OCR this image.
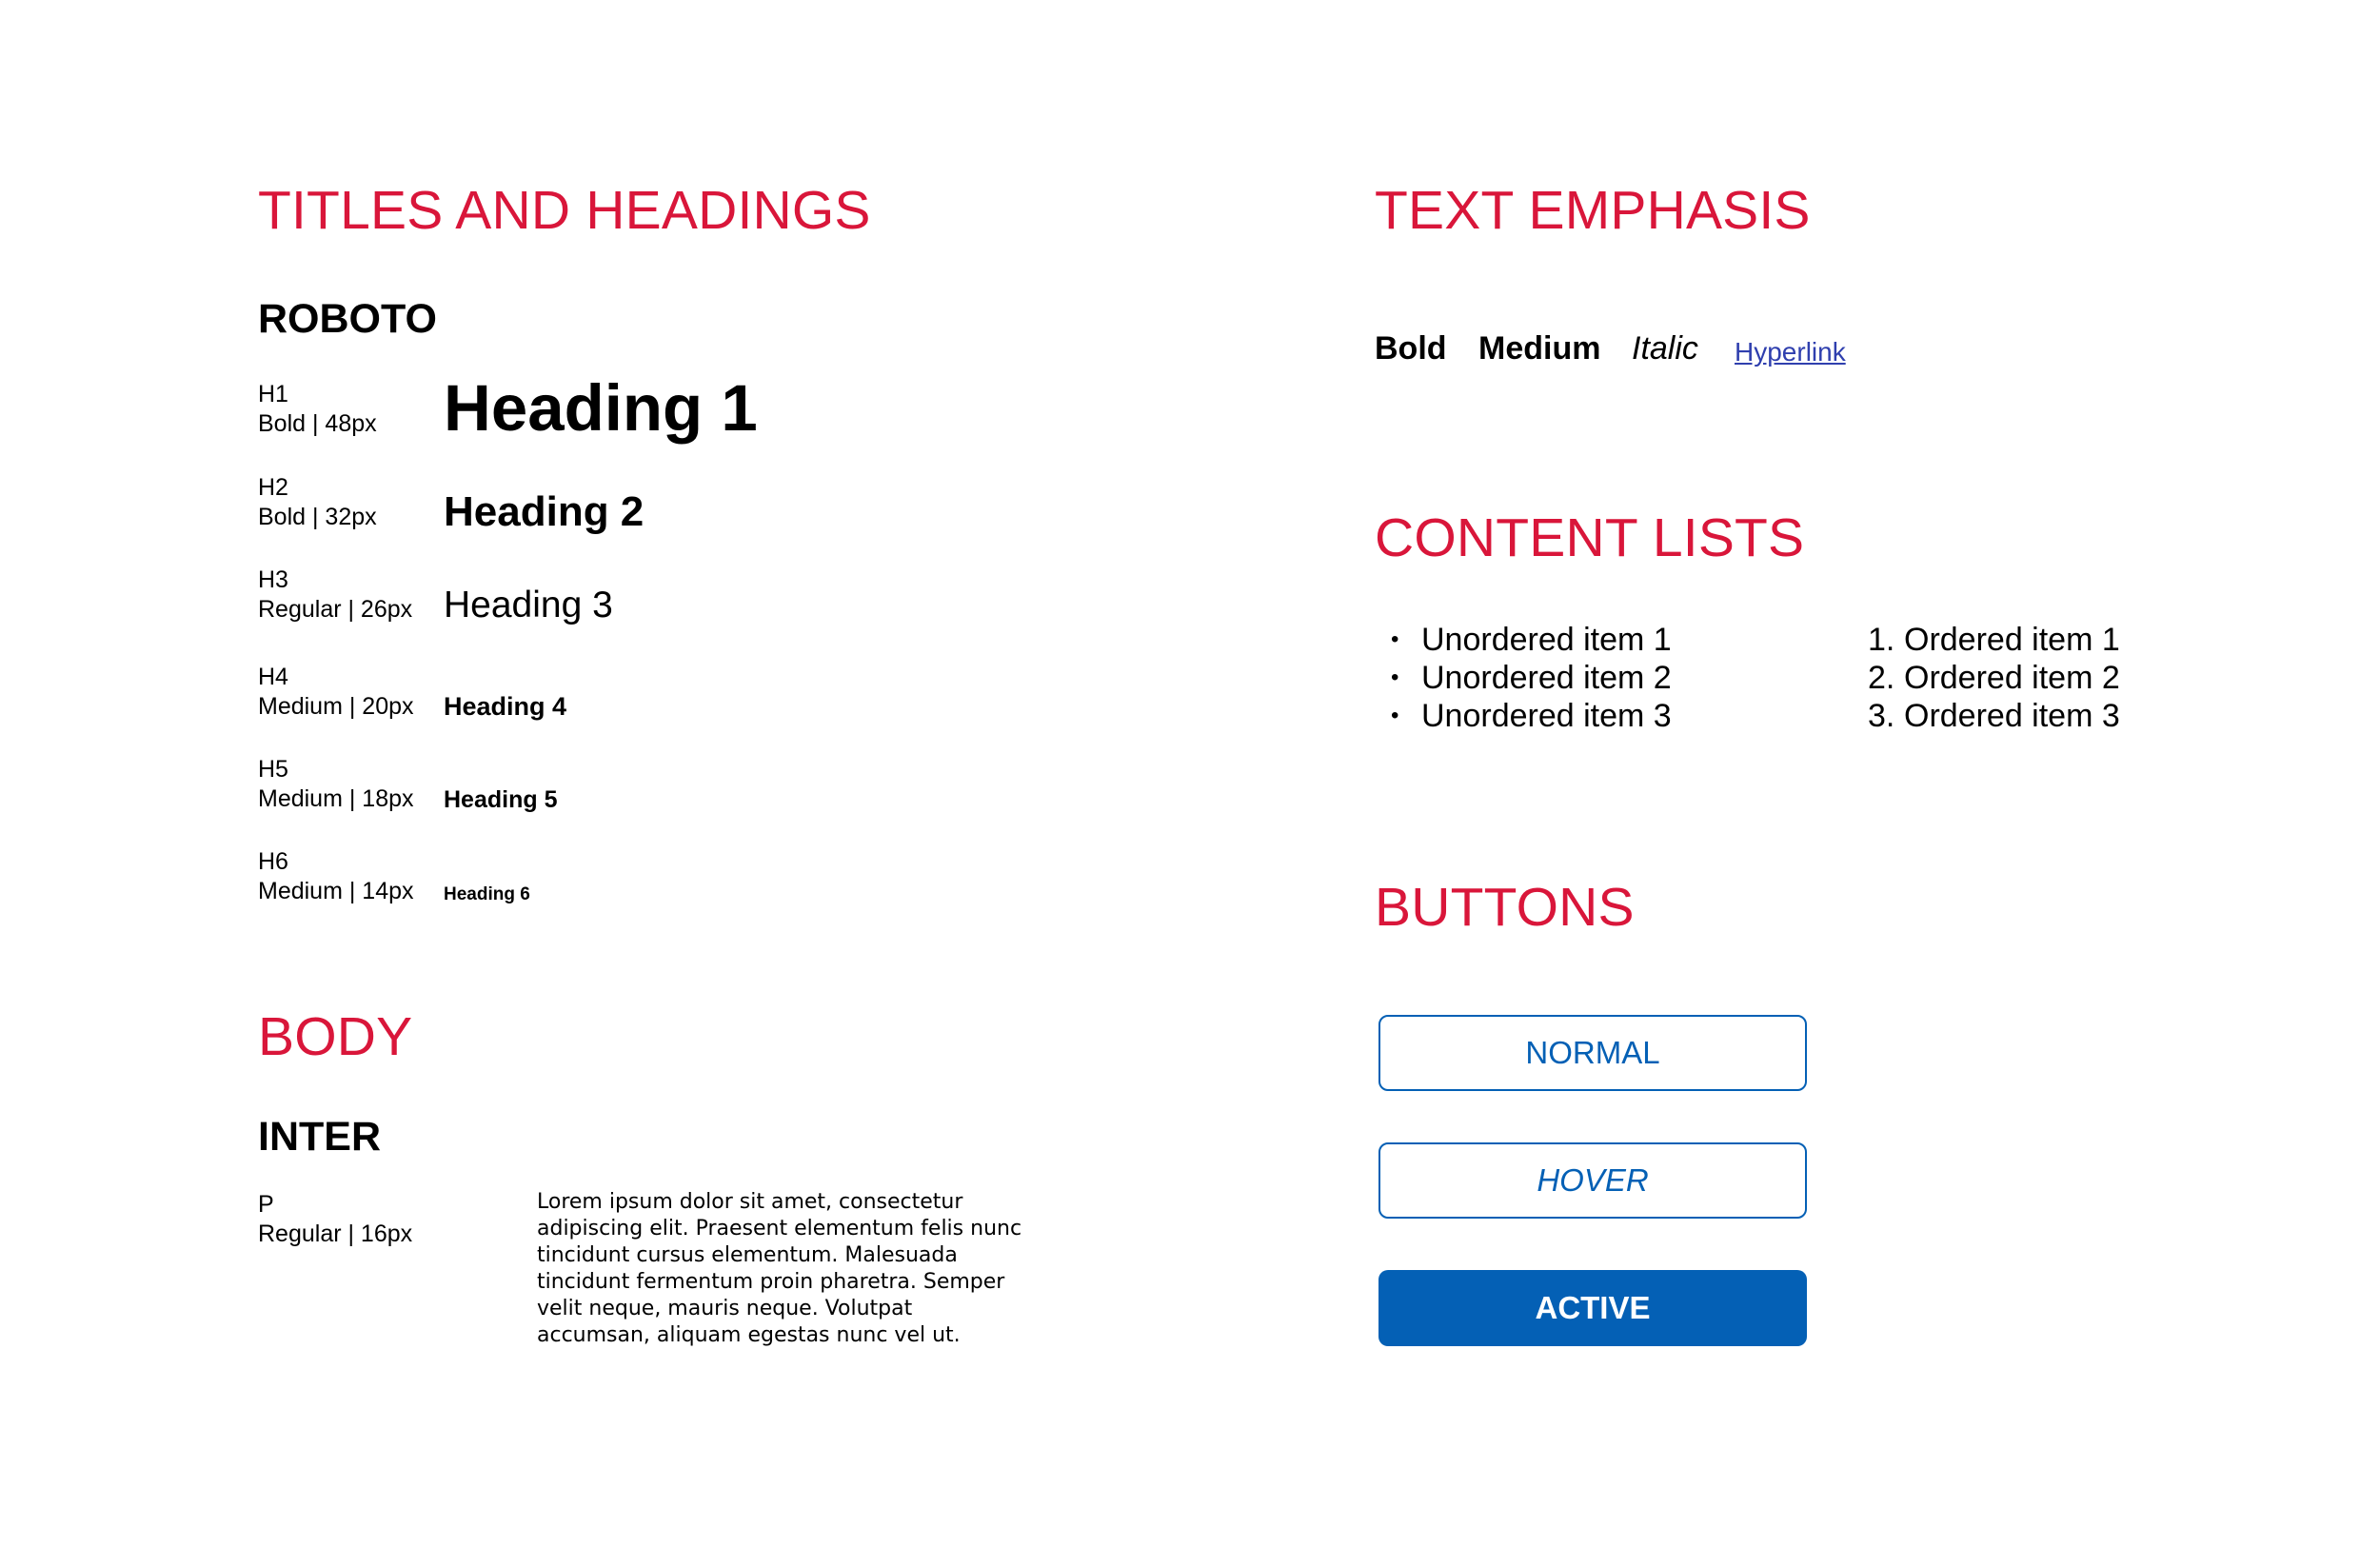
TITLES AND HEADINGS
ROBOTO
H1
Bold | 48px Heading 1
H2
Bold | 32px Heading 2
H3
Regular | 26px Heading 3
H4
Medium | 20px Heading 4
H5
Medium | 18px Heading 5
H6
Medium | 14px Heading 6
BODY
INTER
P
Regular | 16px
Lorem ipsum dolor sit amet, consectetur adipiscing elit. Praesent elementum felis nunc tincidunt cursus elementum. Malesuada tincidunt fermentum proin pharetra. Semper velit neque, mauris neque. Volutpat accumsan, aliquam egestas nunc vel ut.
TEXT EMPHASIS
Bold Medium Italic Hyperlink
CONTENT LISTS
• Unordered item 1
• Unordered item 2
• Unordered item 3
1. Ordered item 1
2. Ordered item 2
3. Ordered item 3
BUTTONS
NORMAL
HOVER
ACTIVE
